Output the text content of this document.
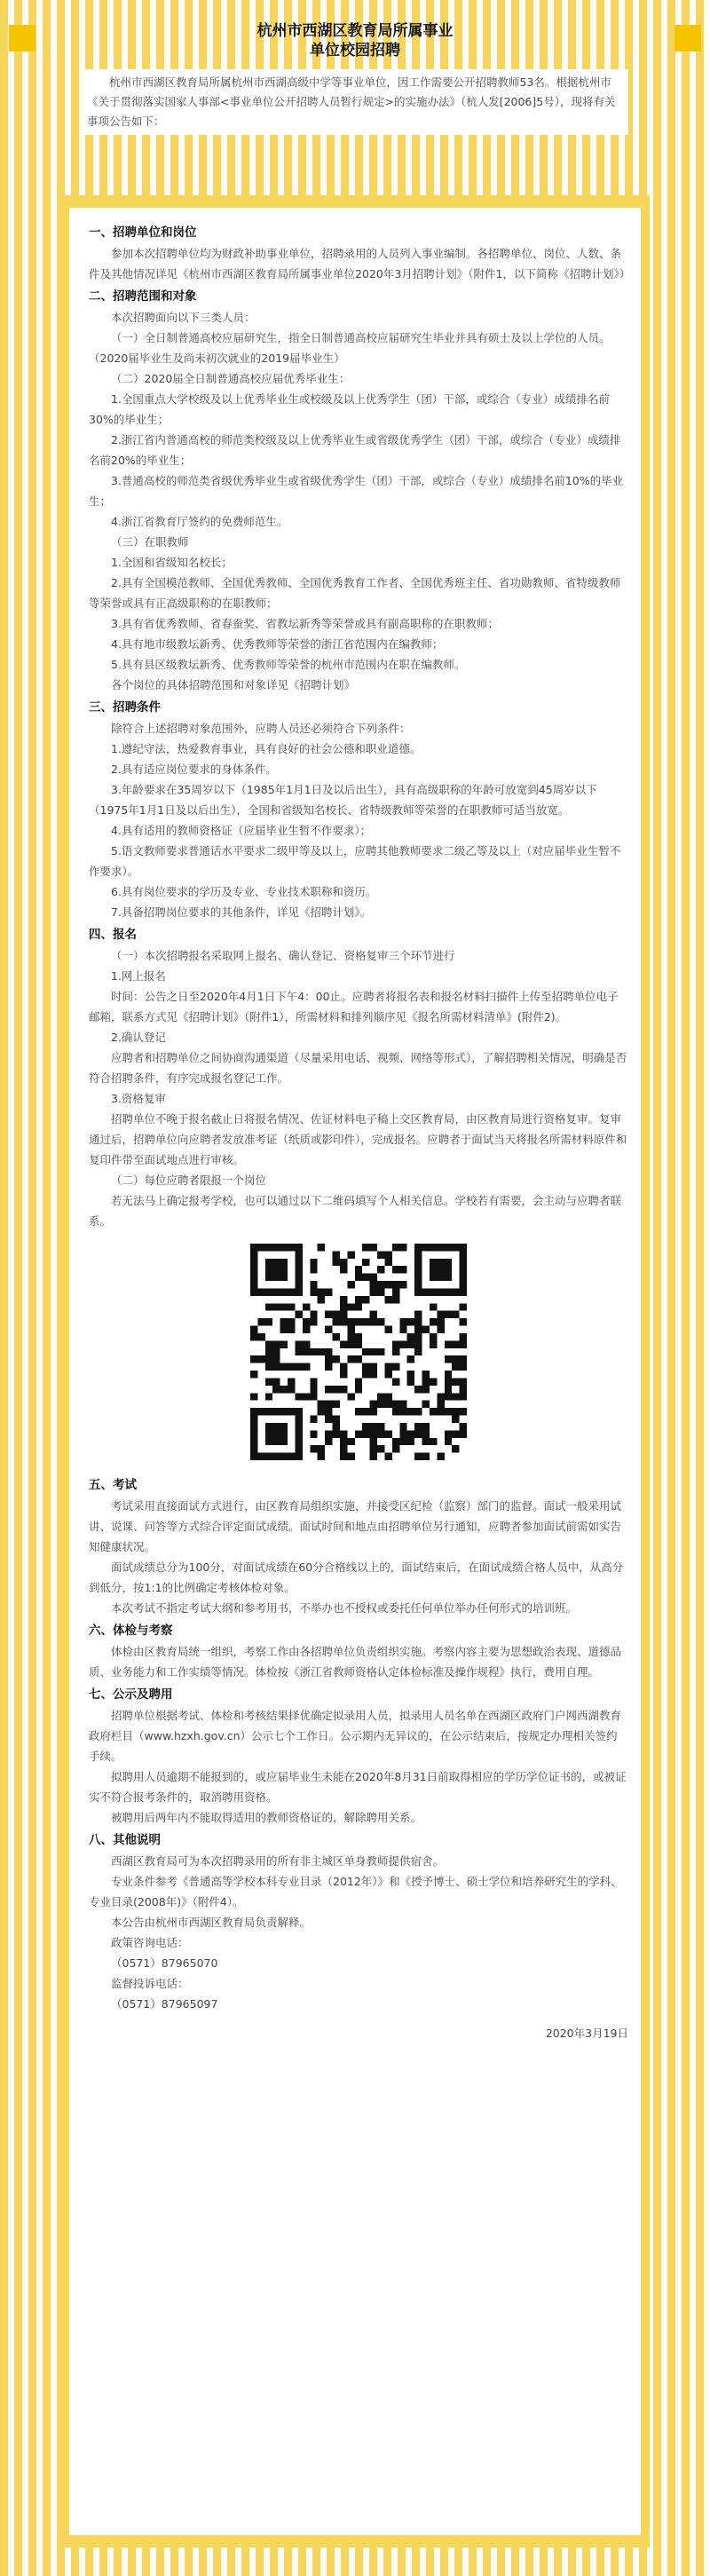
杭州市西湖区教育局所属事业
单位校园招聘

杭州市西湖区教育局所属杭州市西湖高级中学等事业单位，因工作需要公开招聘教师53名。根据杭州市《关于贯彻落实国家人事部<事业单位公开招聘人员暂行规定>的实施办法》（杭人发[2006]5号），现将有关事项公告如下：

一、招聘单位和岗位

参加本次招聘单位均为财政补助事业单位，招聘录用的人员列入事业编制。各招聘单位、岗位、人数、条件及其他情况详见《杭州市西湖区教育局所属事业单位2020年3月招聘计划》（附件1，以下简称《招聘计划》）

二、招聘范围和对象

本次招聘面向以下三类人员：

（一）全日制普通高校应届研究生，指全日制普通高校应届研究生毕业并具有硕士及以上学位的人员。（2020届毕业生及尚未初次就业的2019届毕业生）

（二）2020届全日制普通高校应届优秀毕业生：

1.全国重点大学校级及以上优秀毕业生或校级及以上优秀学生（团）干部，或综合（专业）成绩排名前30%的毕业生；

2.浙江省内普通高校的师范类校级及以上优秀毕业生或省级优秀学生（团）干部，或综合（专业）成绩排名前20%的毕业生；

3.普通高校的师范类省级优秀毕业生或省级优秀学生（团）干部，或综合（专业）成绩排名前10%的毕业生；

4.浙江省教育厅签约的免费师范生。

（三）在职教师

1.全国和省级知名校长；

2.具有全国模范教师、全国优秀教师、全国优秀教育工作者、全国优秀班主任、省功勋教师、省特级教师等荣誉或具有正高级职称的在职教师；

3.具有省优秀教师、省春蚕奖、省教坛新秀等荣誉或具有副高职称的在职教师；

4.具有地市级教坛新秀、优秀教师等荣誉的浙江省范围内在编教师；

5.具有县区级教坛新秀、优秀教师等荣誉的杭州市范围内在职在编教师。

各个岗位的具体招聘范围和对象详见《招聘计划》

三、招聘条件

除符合上述招聘对象范围外，应聘人员还必须符合下列条件：

1.遵纪守法，热爱教育事业，具有良好的社会公德和职业道德。

2.具有适应岗位要求的身体条件。

3.年龄要求在35周岁以下（1985年1月1日及以后出生），具有高级职称的年龄可放宽到45周岁以下（1975年1月1日及以后出生），全国和省级知名校长、省特级教师等荣誉的在职教师可适当放宽。

4.具有适用的教师资格证（应届毕业生暂不作要求）；

5.语文教师要求普通话水平要求二级甲等及以上，应聘其他教师要求二级乙等及以上（对应届毕业生暂不作要求）。

6.具有岗位要求的学历及专业、专业技术职称和资历。

7.具备招聘岗位要求的其他条件，详见《招聘计划》。

四、报名

（一）本次招聘报名采取网上报名、确认登记、资格复审三个环节进行

1.网上报名

时间：公告之日至2020年4月1日下午4：00止。应聘者将报名表和报名材料扫描件上传至招聘单位电子邮箱，联系方式见《招聘计划》（附件1），所需材料和排列顺序见《报名所需材料清单》(附件2)。

2.确认登记

应聘者和招聘单位之间协商沟通渠道（尽量采用电话、视频、网络等形式），了解招聘相关情况，明确是否符合招聘条件，有序完成报名登记工作。

3.资格复审

招聘单位不晚于报名截止日将报名情况、佐证材料电子稿上交区教育局，由区教育局进行资格复审。复审通过后，招聘单位向应聘者发放准考证（纸质或影印件），完成报名。应聘者于面试当天将报名所需材料原件和复印件带至面试地点进行审核。

（二）每位应聘者限报一个岗位

若无法马上确定报考学校，也可以通过以下二维码填写个人相关信息。学校若有需要，会主动与应聘者联系。

五、考试

考试采用直接面试方式进行，由区教育局组织实施，并接受区纪检（监察）部门的监督。面试一般采用试讲、说课、问答等方式综合评定面试成绩。面试时间和地点由招聘单位另行通知，应聘者参加面试前需如实告知健康状况。

面试成绩总分为100分，对面试成绩在60分合格线以上的，面试结束后，在面试成绩合格人员中，从高分到低分，按1:1的比例确定考核体检对象。

本次考试不指定考试大纲和参考用书，不举办也不授权或委托任何单位举办任何形式的培训班。

六、体检与考察

体检由区教育局统一组织，考察工作由各招聘单位负责组织实施。考察内容主要为思想政治表现、道德品质、业务能力和工作实绩等情况。体检按《浙江省教师资格认定体检标准及操作规程》执行，费用自理。

七、公示及聘用

招聘单位根据考试、体检和考核结果择优确定拟录用人员，拟录用人员名单在西湖区政府门户网西湖教育政府栏目（www.hzxh.gov.cn）公示七个工作日。公示期内无异议的，在公示结束后，按规定办理相关签约手续。

拟聘用人员逾期不能报到的，或应届毕业生未能在2020年8月31日前取得相应的学历学位证书的，或被证实不符合报考条件的，取消聘用资格。

被聘用后两年内不能取得适用的教师资格证的，解除聘用关系。

八、其他说明

西湖区教育局可为本次招聘录用的所有非主城区单身教师提供宿舍。

专业条件参考《普通高等学校本科专业目录（2012年）》和《授予博士、硕士学位和培养研究生的学科、专业目录(2008年)》（附件4）。

本公告由杭州市西湖区教育局负责解释。

政策咨询电话：

（0571）87965070

监督投诉电话：

（0571）87965097

2020年3月19日
